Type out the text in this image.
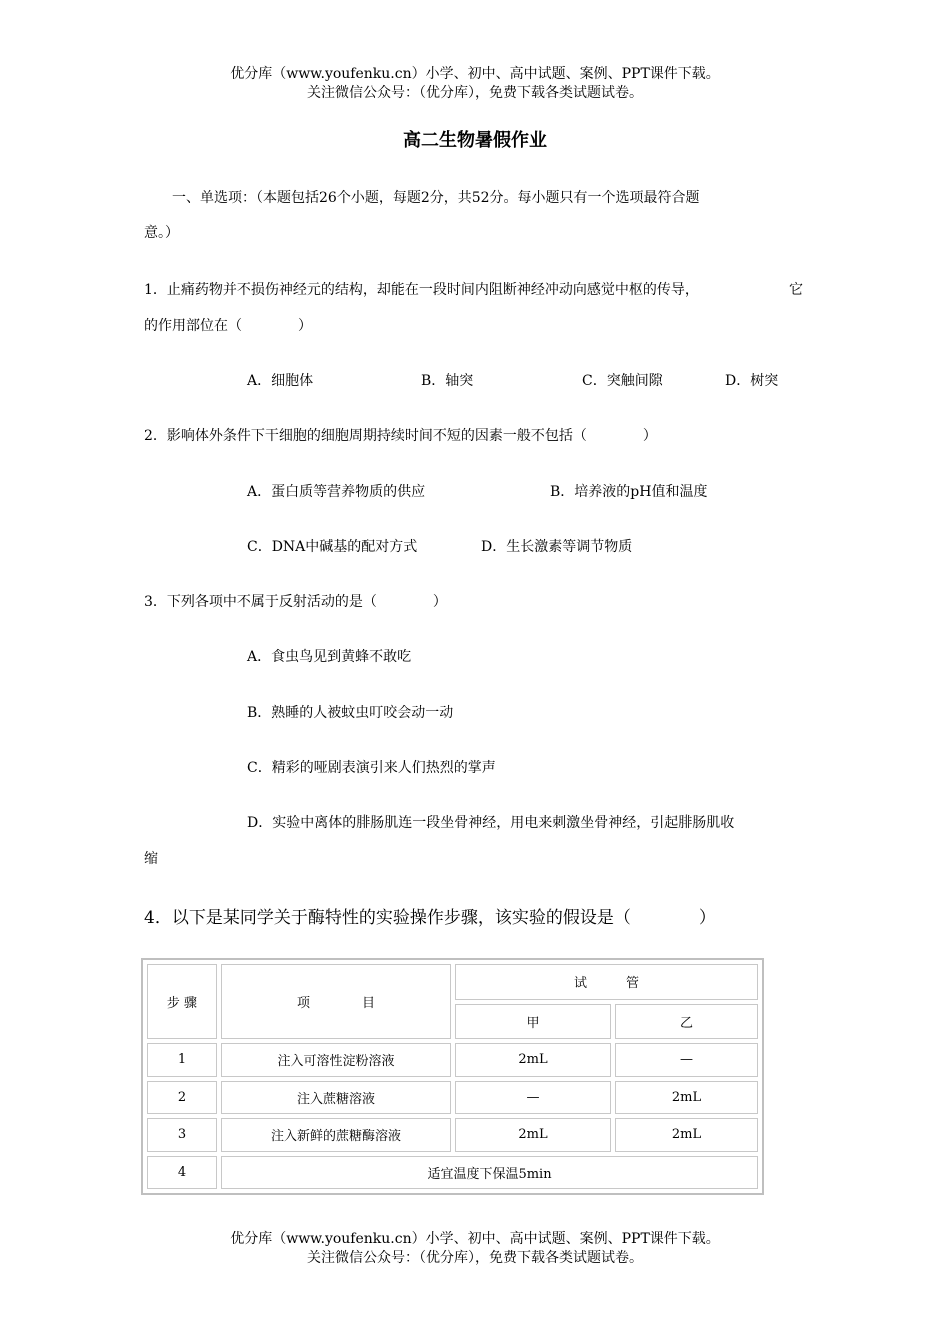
优分库（www.youfenku.cn）小学、初中、高中试题、案例、PPT课件下载。
关注微信公众号：（优分库），免费下载各类试题试卷。
高二生物暑假作业
一、单选项：（本题包括26个小题，每题2分，共52分。每小题只有一个选项最符合题
意。）
1．止痛药物并不损伤神经元的结构，却能在一段时间内阻断神经冲动向感觉中枢的传导，	它
的作用部位在（　　　　）
A．细胞体	B．轴突	C．突触间隙	D．树突
2．影响体外条件下干细胞的细胞周期持续时间不短的因素一般不包括（　　　　）
A．蛋白质等营养物质的供应	B．培养液的pH值和温度
C．DNA中碱基的配对方式	D．生长激素等调节物质
3．下列各项中不属于反射活动的是（　　　　）
A．食虫鸟见到黄蜂不敢吃
B．熟睡的人被蚊虫叮咬会动一动
C．精彩的哑剧表演引来人们热烈的掌声
D．实验中离体的腓肠肌连一段坐骨神经，用电来刺激坐骨神经，引起腓肠肌收
缩
4．以下是某同学关于酶特性的实验操作步骤，该实验的假设是（　　　　）
步 骤	项　　　　目	试　　　管	
		甲	乙
1	注入可溶性淀粉溶液	2mL	—
2	注入蔗糖溶液	—	2mL
3	注入新鲜的蔗糖酶溶液	2mL	2mL
4	适宜温度下保温5min		
优分库（www.youfenku.cn）小学、初中、高中试题、案例、PPT课件下载。
关注微信公众号：（优分库），免费下载各类试题试卷。
